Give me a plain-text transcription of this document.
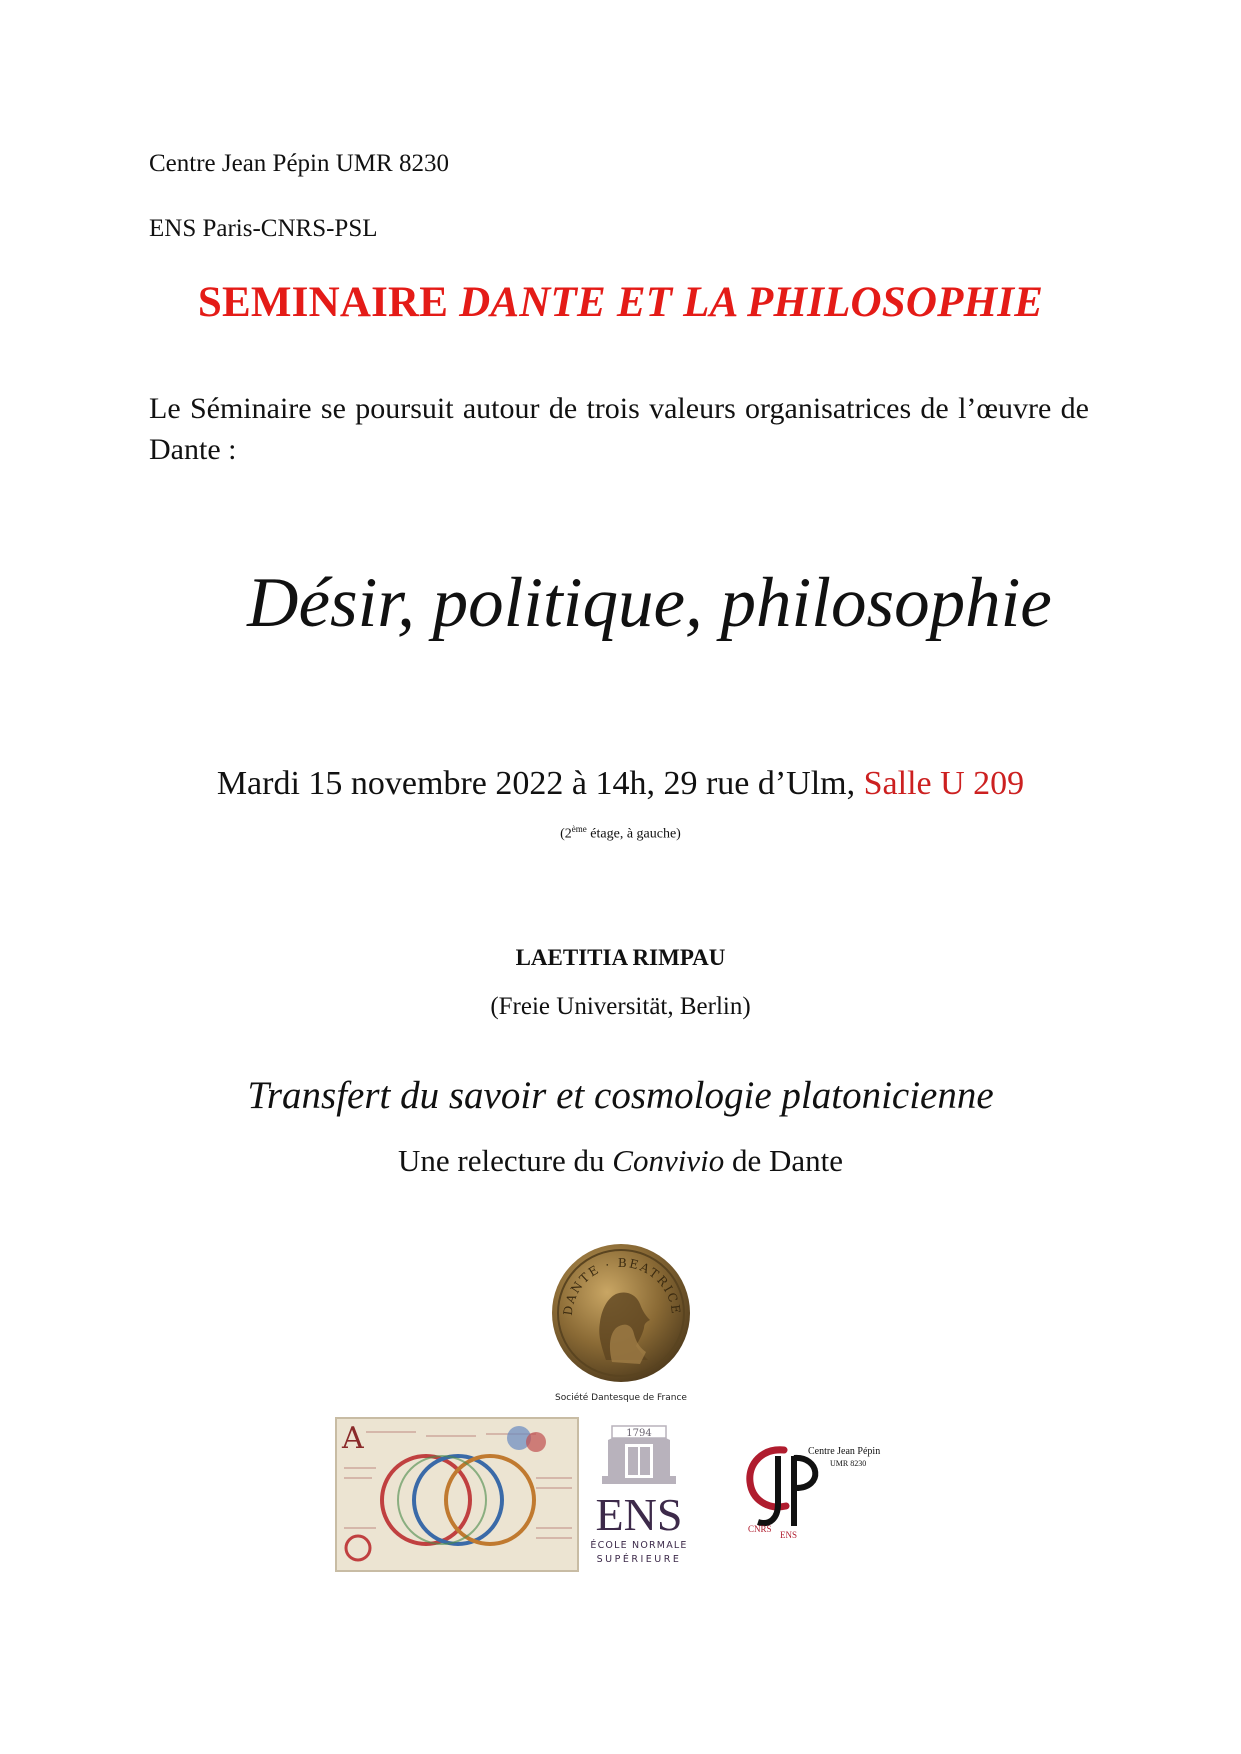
Centre Jean Pépin UMR 8230
ENS Paris-CNRS-PSL
SEMINAIRE DANTE ET LA PHILOSOPHIE
Le Séminaire se poursuit autour de trois valeurs organisatrices de l’œuvre de Dante :
Désir, politique, philosophie
Mardi 15 novembre 2022 à 14h, 29 rue d’Ulm, Salle U 209
(2ème étage, à gauche)
LAETITIA RIMPAU
(Freie Universität, Berlin)
Transfert du savoir et cosmologie platonicienne
Une relecture du Convivio de Dante
DANTE · BEATRICE
Société Dantesque de France
A	1794
ENS
ÉCOLE NORMALE
SUPÉRIEURE
Centre Jean Pépin
UMR 8230
CNRS
ENS
